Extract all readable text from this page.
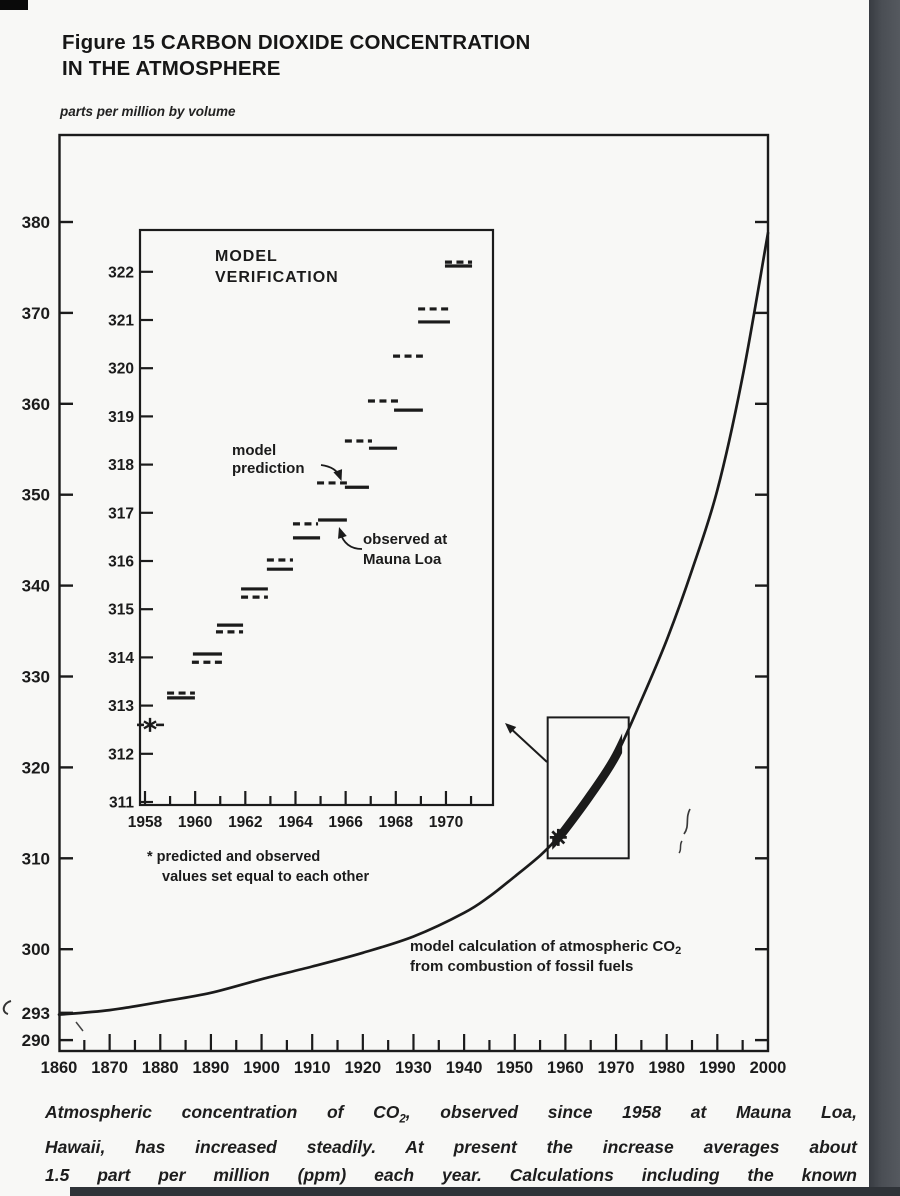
Figure 15 CARBON DIOXIDE CONCENTRATION
IN THE ATMOSPHERE
parts per million by volume
380
370
360
350
340
330
320
310
300
293
290
1860 1870 1880 1890 1900 1910 1920 1930 1940 1950 1960 1970 1980 1990 2000
model calculation of atmospheric $CO_2$
from combustion of fossil fuels
311
312
313
314
315
316
317
318
319
320
321
322
1958 1960 1962 1964 1966 1968 1970
MODEL
VERIFICATION
model
prediction
observed at
Mauna Loa
* predicted and observed
values set equal to each other
Atmospheric concentration of $CO_2$, observed since 1958 at Mauna Loa,
Hawaii, has increased steadily. At present the increase averages about
1.5 part per million (ppm) each year. Calculations including the known
